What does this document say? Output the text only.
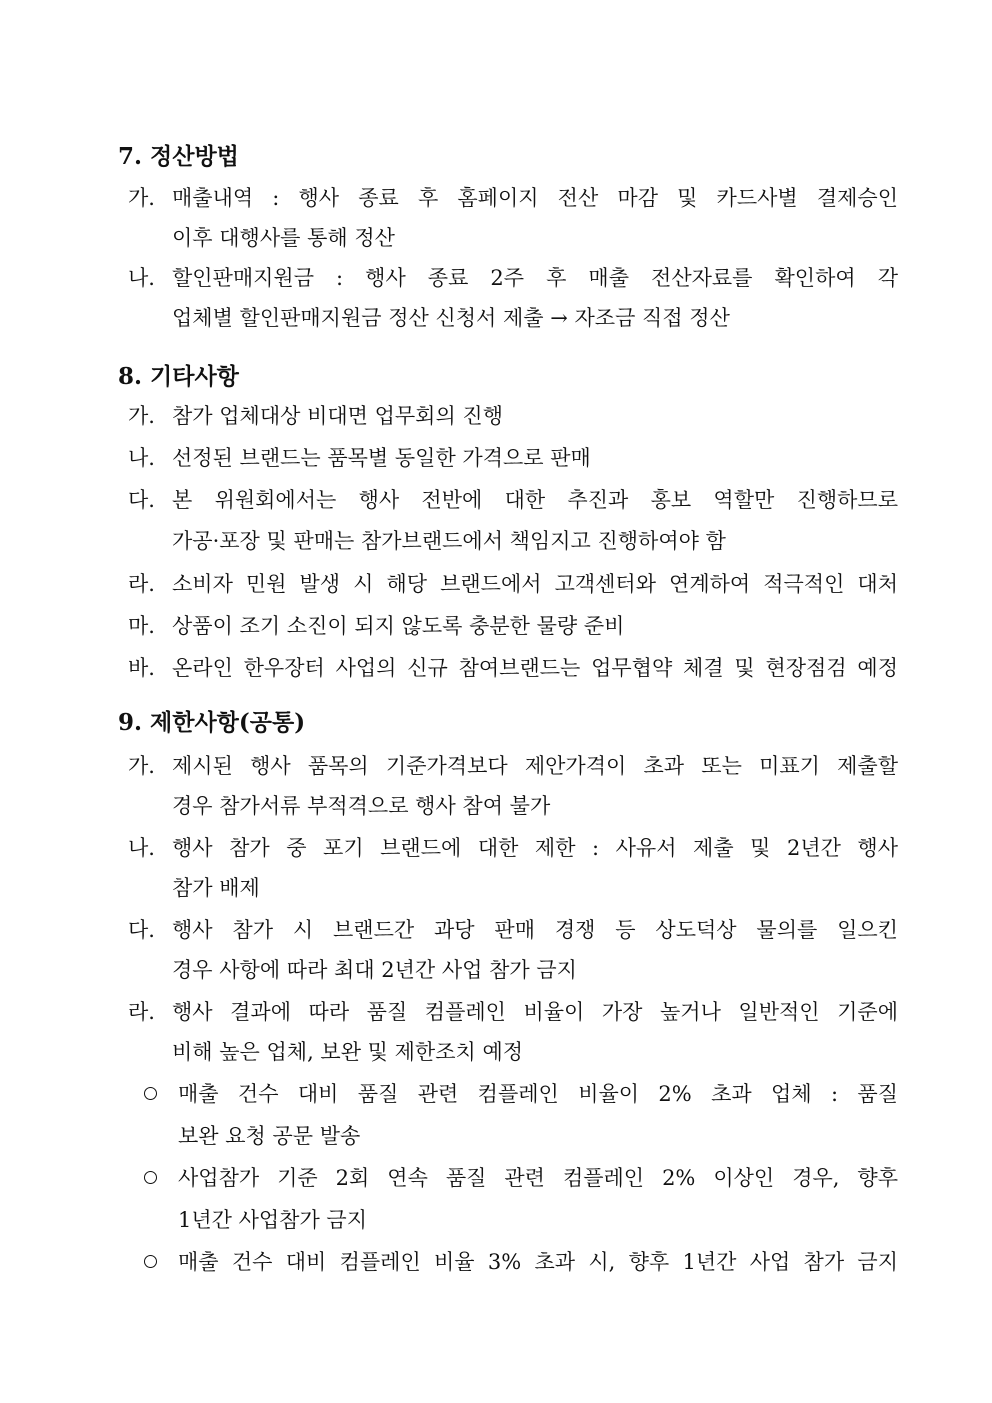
7. 정산방법
가. 매출내역 : 행사 종료 후 홈페이지 전산 마감 및 카드사별 결제승인
이후 대행사를 통해 정산
나. 할인판매지원금 : 행사 종료 2주 후 매출 전산자료를 확인하여 각
업체별 할인판매지원금 정산 신청서 제출 → 자조금 직접 정산
8. 기타사항
가. 참가 업체대상 비대면 업무회의 진행
나. 선정된 브랜드는 품목별 동일한 가격으로 판매
다. 본 위원회에서는 행사 전반에 대한 추진과 홍보 역할만 진행하므로
가공·포장 및 판매는 참가브랜드에서 책임지고 진행하여야 함
라. 소비자 민원 발생 시 해당 브랜드에서 고객센터와 연계하여 적극적인 대처
마. 상품이 조기 소진이 되지 않도록 충분한 물량 준비
바. 온라인 한우장터 사업의 신규 참여브랜드는 업무협약 체결 및 현장점검 예정
9. 제한사항(공통)
가. 제시된 행사 품목의 기준가격보다 제안가격이 초과 또는 미표기 제출할
경우 참가서류 부적격으로 행사 참여 불가
나. 행사 참가 중 포기 브랜드에 대한 제한 : 사유서 제출 및 2년간 행사
참가 배제
다. 행사 참가 시 브랜드간 과당 판매 경쟁 등 상도덕상 물의를 일으킨
경우 사항에 따라 최대 2년간 사업 참가 금지
라. 행사 결과에 따라 품질 컴플레인 비율이 가장 높거나 일반적인 기준에
비해 높은 업체, 보완 및 제한조치 예정
매출 건수 대비 품질 관련 컴플레인 비율이 2% 초과 업체 : 품질
보완 요청 공문 발송
사업참가 기준 2회 연속 품질 관련 컴플레인 2% 이상인 경우, 향후
1년간 사업참가 금지
매출 건수 대비 컴플레인 비율 3% 초과 시, 향후 1년간 사업 참가 금지
